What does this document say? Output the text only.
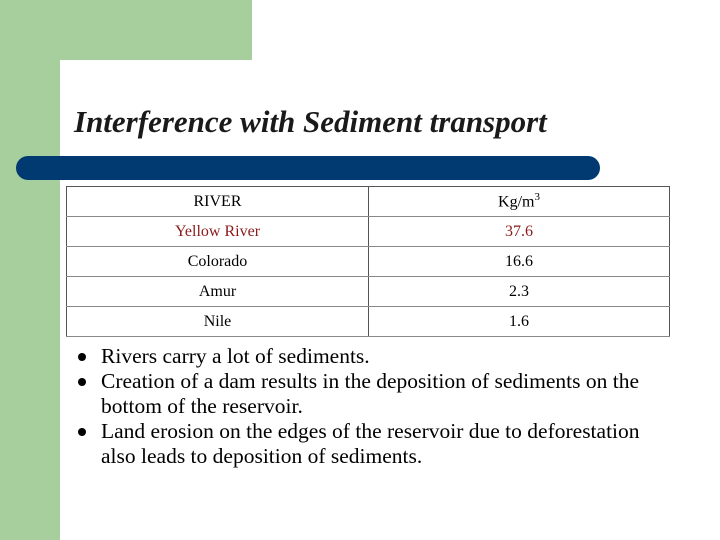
Interference with Sediment transport
RIVER	$Kg/m^3$
Yellow River	37.6
Colorado	16.6
Amur	2.3
Nile	1.6
Rivers carry a lot of sediments.
Creation of a dam results in the deposition of sediments on the bottom of the reservoir.
Land erosion on the edges of the reservoir due to deforestation also leads to deposition of sediments.
